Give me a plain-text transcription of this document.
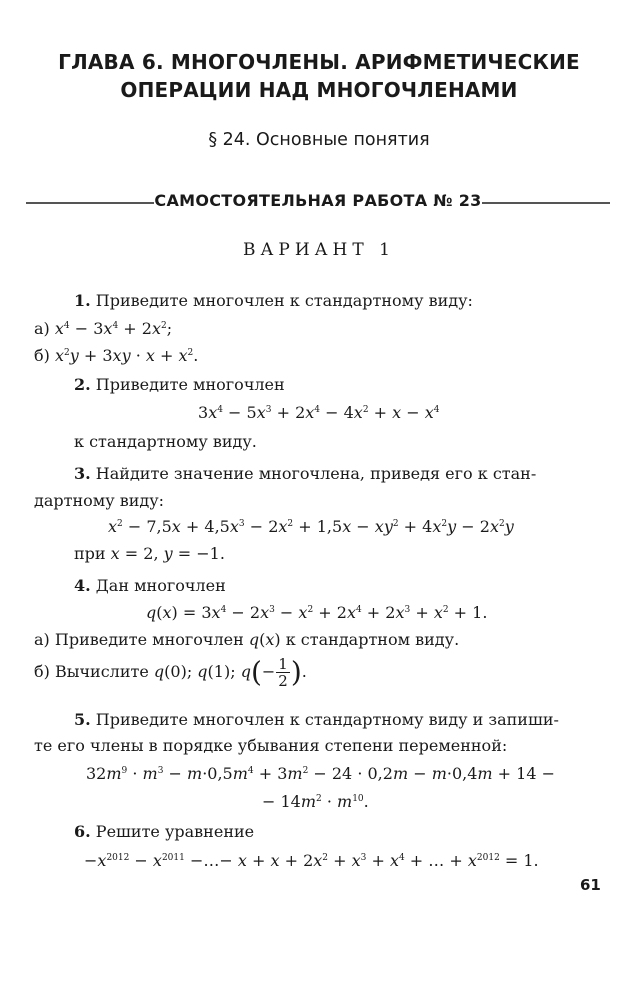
ГЛАВА 6. МНОГОЧЛЕНЫ. АРИФМЕТИЧЕСКИЕ
ОПЕРАЦИИ НАД МНОГОЧЛЕНАМИ
§ 24. Основные понятия
САМОСТОЯТЕЛЬНАЯ РАБОТА № 23
ВАРИАНТ 1
1. Приведите многочлен к стандартному виду:
а) $x^4 - 3x^4 + 2x^2$;
б) $x^2y + 3xy \cdot x + x^2$.
2. Приведите многочлен
$3x^4 - 5x^3 + 2x^4 - 4x^2 + x - x^4$
к стандартному виду.
3. Найдите значение многочлена, приведя его к стан-
дартному виду:
$x^2 - 7,5x + 4,5x^3 - 2x^2 + 1,5x - xy^2 + 4x^2y - 2x^2y$
при x = 2, y = −1.
4. Дан многочлен
$q(x) = 3x^4 - 2x^3 - x^2 + 2x^4 + 2x^3 + x^2 + 1$.
а) Приведите многочлен q(x) к стандартном виду.
б) Вычислите q(0); q(1); $q(- \frac{1}{2}$ ).
5. Приведите многочлен к стандартному виду и запиши-
те его члены в порядке убывания степени переменной:
$32m^9 \cdot m^3 - m\cdot 0,5m^4 + 3m^2 - 24 \cdot 0,2m - m\cdot 0,4m + 14$ −
− $14m^2 \cdot m^{10}$.
6. Решите уравнение
$-x^{2012} - x^{2011}$ −…− $x + x + 2x^2 + x^3 + x^4$ + … + $x^{2012} = 1$.
61
